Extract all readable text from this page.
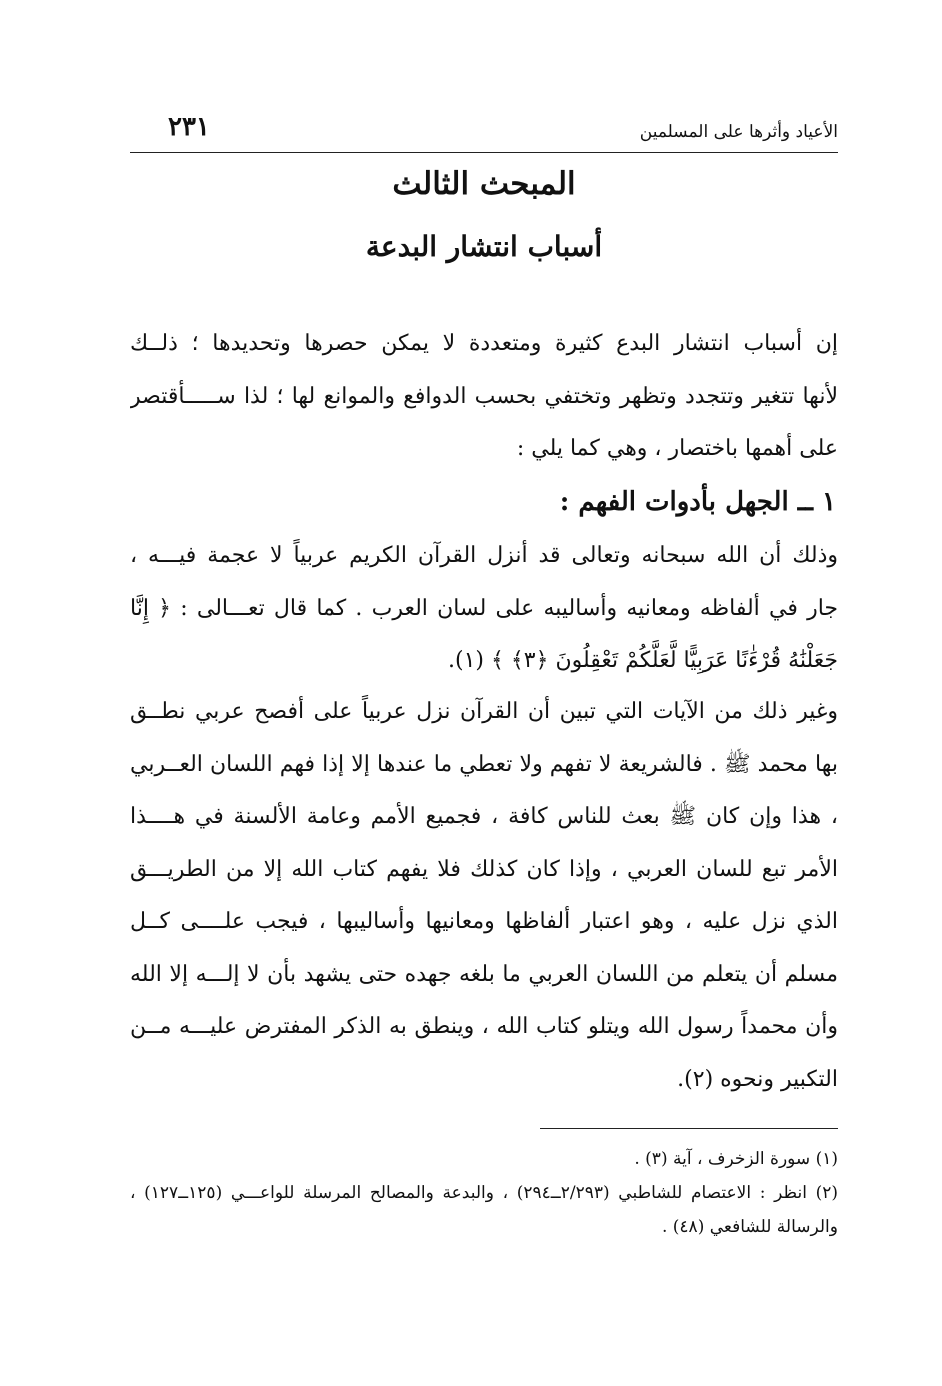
٢٣١	الأعياد وأثرها على المسلمين
المبحث الثالث
أسباب انتشار البدعة
إن أسباب انتشار البدع كثيرة ومتعددة لا يمكن حصرها وتحديدها ؛ ذلــك
لأنها تتغير وتتجدد وتظهر وتختفي بحسب الدوافع والموانع لها ؛ لذا ســـــأقتصر
على أهمها باختصار ، وهي كما يلي :
١ ــ الجهل بأدوات الفهم :
وذلك أن الله سبحانه وتعالى قد أنزل القرآن الكريم عربياً لا عجمة فيـــه ،
جار في ألفاظه ومعانيه وأساليبه على لسان العرب . كما قال تعـــالى : ﴿ إِنَّا
جَعَلْنَٰهُ قُرْءَٰنًا عَرَبِيًّا لَّعَلَّكُمْ تَعْقِلُونَ ﴿٣﴾ ﴾ (١).
وغير ذلك من الآيات التي تبين أن القرآن نزل عربياً على أفصح عربي نطــق
بها محمد ﷺ . فالشريعة لا تفهم ولا تعطي ما عندها إلا إذا فهم اللسان العــربي
، هذا وإن كان ﷺ بعث للناس كافة ، فجميع الأمم وعامة الألسنة في هــــذا
الأمر تبع للسان العربي ، وإذا كان كذلك فلا يفهم كتاب الله إلا من الطريـــق
الذي نزل عليه ، وهو اعتبار ألفاظها ومعانيها وأساليبها ، فيجب علــــى كــل
مسلم أن يتعلم من اللسان العربي ما بلغه جهده حتى يشهد بأن لا إلـــه إلا الله
وأن محمداً رسول الله ويتلو كتاب الله ، وينطق به الذكر المفترض عليـــه مــن
التكبير ونحوه (٢).
(١) سورة الزخرف ، آية (٣) .
(٢) انظر : الاعتصام للشاطبي (٢/٢٩٣ــ٢٩٤) ، والبدعة والمصالح المرسلة للواعـــي (١٢٥ــ١٢٧) ،
والرسالة للشافعي (٤٨) .
